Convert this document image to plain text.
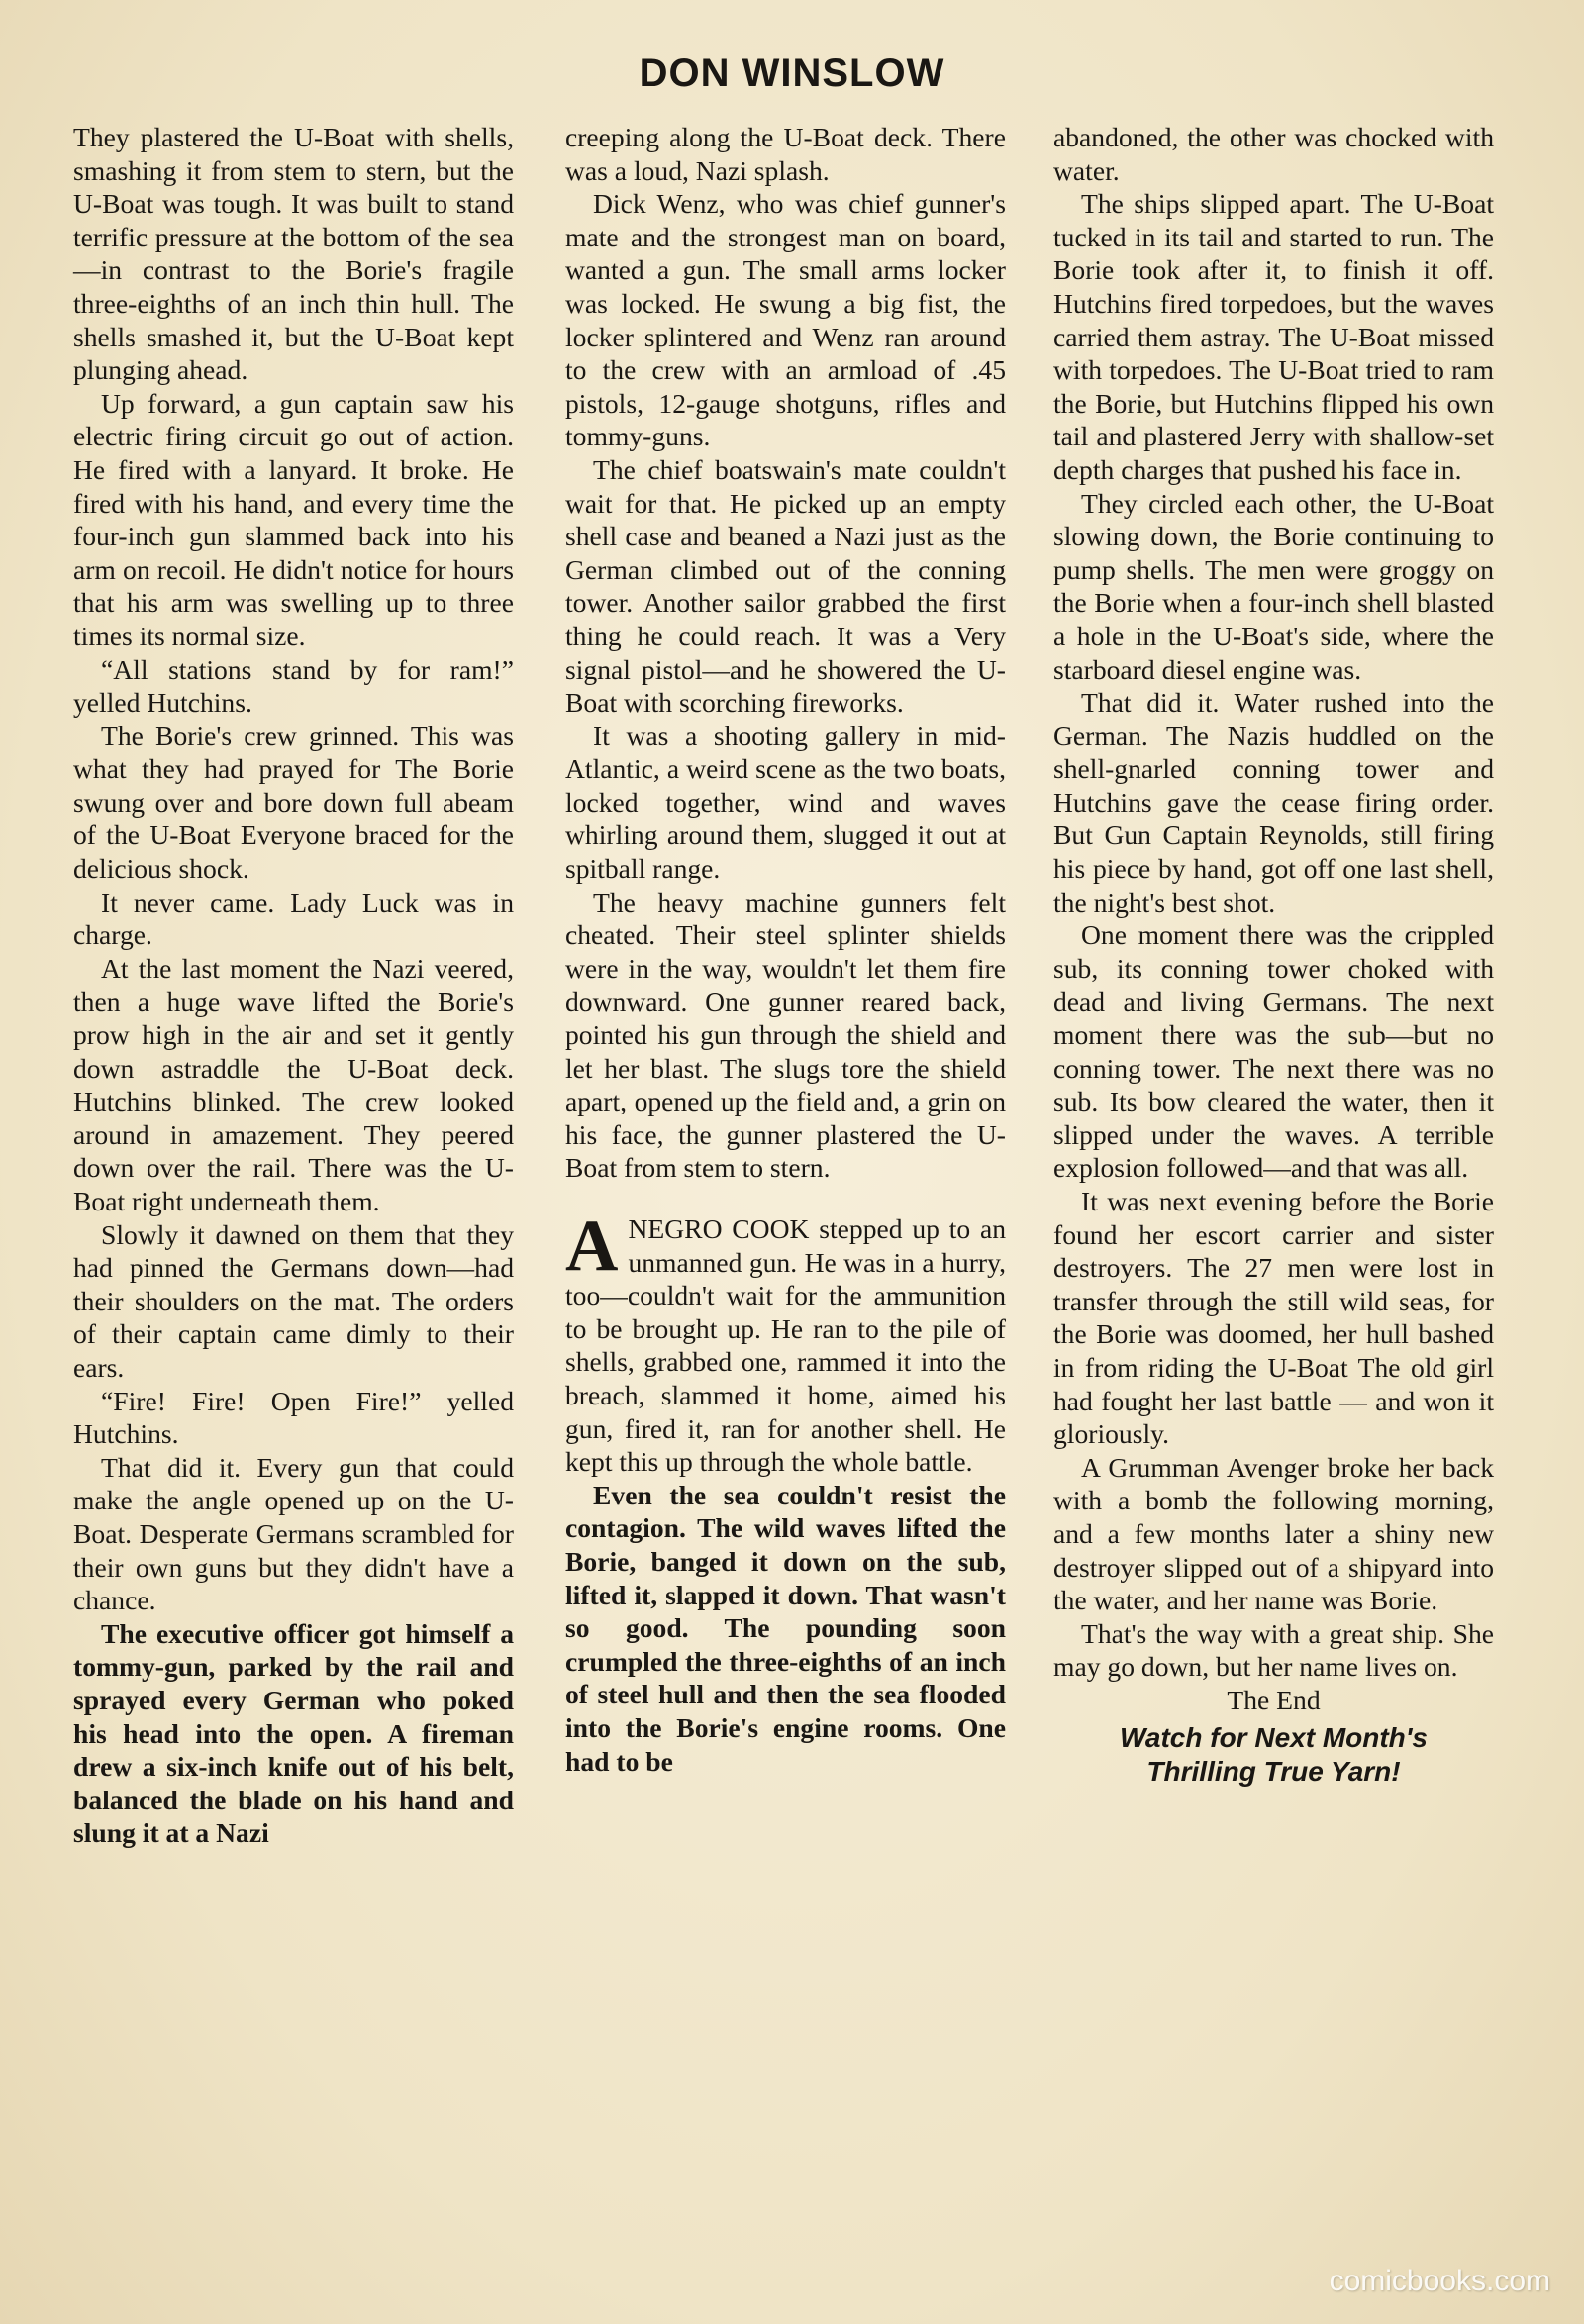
DON WINSLOW

They plastered the U-Boat with shells, smashing it from stem to stern, but the U-Boat was tough. It was built to stand terrific pressure at the bottom of the sea—in contrast to the Borie's fragile three-eighths of an inch thin hull. The shells smashed it, but the U-Boat kept plunging ahead.

Up forward, a gun captain saw his electric firing circuit go out of action. He fired with a lanyard. It broke. He fired with his hand, and every time the four-inch gun slammed back into his arm on recoil. He didn't notice for hours that his arm was swelling up to three times its normal size.

“All stations stand by for ram!” yelled Hutchins.

The Borie's crew grinned. This was what they had prayed for The Borie swung over and bore down full abeam of the U-Boat Everyone braced for the delicious shock.

It never came. Lady Luck was in charge.

At the last moment the Nazi veered, then a huge wave lifted the Borie's prow high in the air and set it gently down astraddle the U-Boat deck. Hutchins blinked. The crew looked around in amazement. They peered down over the rail. There was the U-Boat right underneath them.

Slowly it dawned on them that they had pinned the Germans down—had their shoulders on the mat. The orders of their captain came dimly to their ears.

“Fire! Fire! Open Fire!” yelled Hutchins.

That did it. Every gun that could make the angle opened up on the U-Boat. Desperate Germans scrambled for their own guns but they didn't have a chance.

The executive officer got himself a tommy-gun, parked by the rail and sprayed every German who poked his head into the open. A fireman drew a six-inch knife out of his belt, balanced the blade on his hand and slung it at a Nazi

creeping along the U-Boat deck. There was a loud, Nazi splash.

Dick Wenz, who was chief gunner's mate and the strongest man on board, wanted a gun. The small arms locker was locked. He swung a big fist, the locker splintered and Wenz ran around to the crew with an armload of .45 pistols, 12-gauge shotguns, rifles and tommy-guns.

The chief boatswain's mate couldn't wait for that. He picked up an empty shell case and beaned a Nazi just as the German climbed out of the conning tower. Another sailor grabbed the first thing he could reach. It was a Very signal pistol—and he showered the U-Boat with scorching fireworks.

It was a shooting gallery in mid-Atlantic, a weird scene as the two boats, locked together, wind and waves whirling around them, slugged it out at spitball range.

The heavy machine gunners felt cheated. Their steel splinter shields were in the way, wouldn't let them fire downward. One gunner reared back, pointed his gun through the shield and let her blast. The slugs tore the shield apart, opened up the field and, a grin on his face, the gunner plastered the U-Boat from stem to stern.

ANEGRO COOK stepped up to an unmanned gun. He was in a hurry, too—couldn't wait for the ammunition to be brought up. He ran to the pile of shells, grabbed one, rammed it into the breach, slammed it home, aimed his gun, fired it, ran for another shell. He kept this up through the whole battle.

Even the sea couldn't resist the contagion. The wild waves lifted the Borie, banged it down on the sub, lifted it, slapped it down. That wasn't so good. The pounding soon crumpled the three-eighths of an inch of steel hull and then the sea flooded into the Borie's engine rooms. One had to be

abandoned, the other was chocked with water.

The ships slipped apart. The U-Boat tucked in its tail and started to run. The Borie took after it, to finish it off. Hutchins fired torpedoes, but the waves carried them astray. The U-Boat missed with torpedoes. The U-Boat tried to ram the Borie, but Hutchins flipped his own tail and plastered Jerry with shallow-set depth charges that pushed his face in.

They circled each other, the U-Boat slowing down, the Borie continuing to pump shells. The men were groggy on the Borie when a four-inch shell blasted a hole in the U-Boat's side, where the starboard diesel engine was.

That did it. Water rushed into the German. The Nazis huddled on the shell-gnarled conning tower and Hutchins gave the cease firing order. But Gun Captain Reynolds, still firing his piece by hand, got off one last shell, the night's best shot.

One moment there was the crippled sub, its conning tower choked with dead and living Germans. The next moment there was the sub—but no conning tower. The next there was no sub. Its bow cleared the water, then it slipped under the waves. A terrible explosion followed—and that was all.

It was next evening before the Borie found her escort carrier and sister destroyers. The 27 men were lost in transfer through the still wild seas, for the Borie was doomed, her hull bashed in from riding the U-Boat The old girl had fought her last battle — and won it gloriously.

A Grumman Avenger broke her back with a bomb the following morning, and a few months later a shiny new destroyer slipped out of a shipyard into the water, and her name was Borie.

That's the way with a great ship. She may go down, but her name lives on.

The End

Watch for Next Month's
Thrilling True Yarn!

comicbooks.com
